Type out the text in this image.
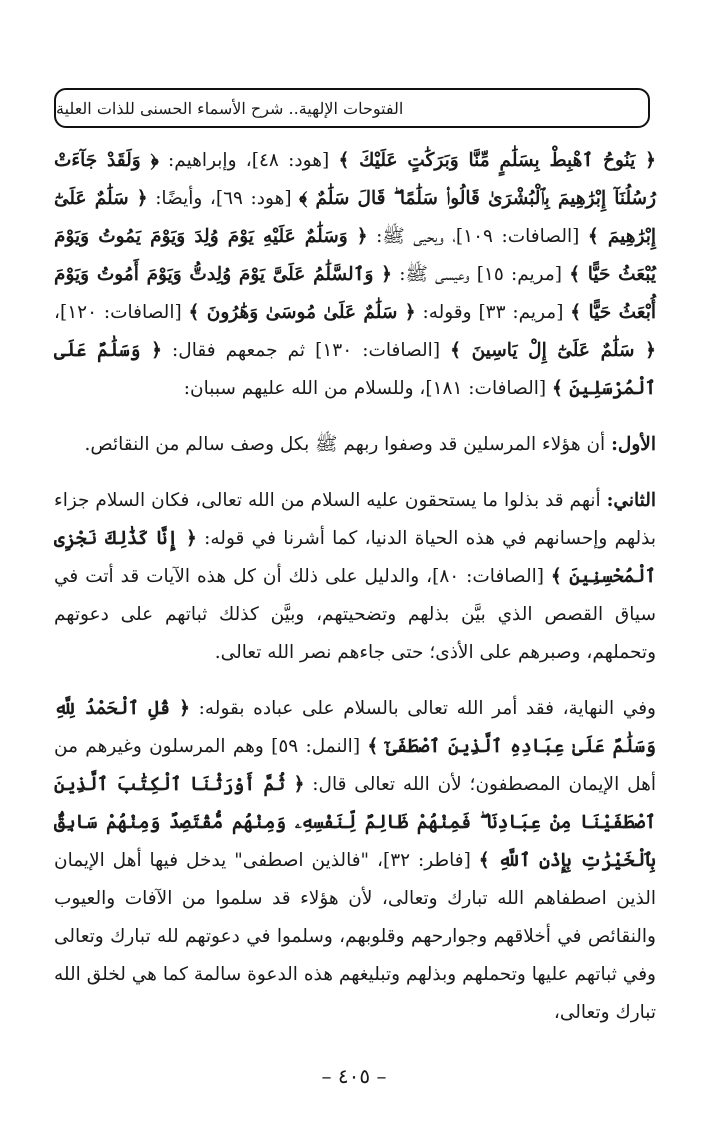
الفتوحات الإلهية.. شرح الأسماء الحسنى للذات العلية

﴿ يَنُوحُ ٱهْبِطْ بِسَلَٰمٍ مِّنَّا وَبَرَكَٰتٍ عَلَيْكَ ﴾ [هود: ٤٨]، وإبراهيم: ﴿ وَلَقَدْ جَآءَتْ رُسُلُنَآ إِبْرَٰهِيمَ بِٱلْبُشْرَىٰ قَالُوا۟ سَلَٰمًا ۖ قَالَ سَلَٰمٌ ﴾ [هود: ٦٩]، وأيضًا: ﴿ سَلَٰمٌ عَلَىٰٓ إِبْرَٰهِيمَ ﴾ [الصافات: ١٠٩]، ويحيى ﷺ: ﴿ وَسَلَٰمٌ عَلَيْهِ يَوْمَ وُلِدَ وَيَوْمَ يَمُوتُ وَيَوْمَ يُبْعَثُ حَيًّا ﴾ [مريم: ١٥] وعيسى ﷺ: ﴿ وَٱلسَّلَٰمُ عَلَىَّ يَوْمَ وُلِدتُّ وَيَوْمَ أَمُوتُ وَيَوْمَ أُبْعَثُ حَيًّا ﴾ [مريم: ٣٣] وقوله: ﴿ سَلَٰمٌ عَلَىٰ مُوسَىٰ وَهَٰرُونَ ﴾ [الصافات: ١٢٠]، ﴿ سَلَٰمٌ عَلَىٰٓ إِلْ يَاسِينَ ﴾ [الصافات: ١٣٠] ثم جمعهم فقال: ﴿ وَسَلَٰمٌ عَلَى ٱلْمُرْسَلِينَ ﴾ [الصافات: ١٨١]، وللسلام من الله عليهم سببان:

الأول: أن هؤلاء المرسلين قد وصفوا ربهم ﷺ بكل وصف سالم من النقائص.

الثاني: أنهم قد بذلوا ما يستحقون عليه السلام من الله تعالى، فكان السلام جزاء بذلهم وإحسانهم في هذه الحياة الدنيا، كما أشرنا في قوله: ﴿ إِنَّا كَذَٰلِكَ نَجْزِى ٱلْمُحْسِنِينَ ﴾ [الصافات: ٨٠]، والدليل على ذلك أن كل هذه الآيات قد أتت في سياق القصص الذي بيَّن بذلهم وتضحيتهم، وبيَّن كذلك ثباتهم على دعوتهم وتحملهم، وصبرهم على الأذى؛ حتى جاءهم نصر الله تعالى.

وفي النهاية، فقد أمر الله تعالى بالسلام على عباده بقوله: ﴿ قُلِ ٱلْحَمْدُ لِلَّهِ وَسَلَٰمٌ عَلَىٰ عِبَادِهِ ٱلَّذِينَ ٱصْطَفَىٰٓ ﴾ [النمل: ٥٩] وهم المرسلون وغيرهم من أهل الإيمان المصطفون؛ لأن الله تعالى قال: ﴿ ثُمَّ أَوْرَثْنَا ٱلْكِتَٰبَ ٱلَّذِينَ ٱصْطَفَيْنَا مِنْ عِبَادِنَا ۖ فَمِنْهُمْ ظَالِمٌ لِّنَفْسِهِۦ وَمِنْهُم مُّقْتَصِدٌ وَمِنْهُمْ سَابِقٌۢ بِٱلْخَيْرَٰتِ بِإِذْنِ ٱللَّهِ ﴾ [فاطر: ٣٢]، "فالذين اصطفى" يدخل فيها أهل الإيمان الذين اصطفاهم الله تبارك وتعالى، لأن هؤلاء قد سلموا من الآفات والعيوب والنقائص في أخلاقهم وجوارحهم وقلوبهم، وسلموا في دعوتهم لله تبارك وتعالى وفي ثباتهم عليها وتحملهم وبذلهم وتبليغهم هذه الدعوة سالمة كما هي لخلق الله تبارك وتعالى،

– ٤٠٥ –
